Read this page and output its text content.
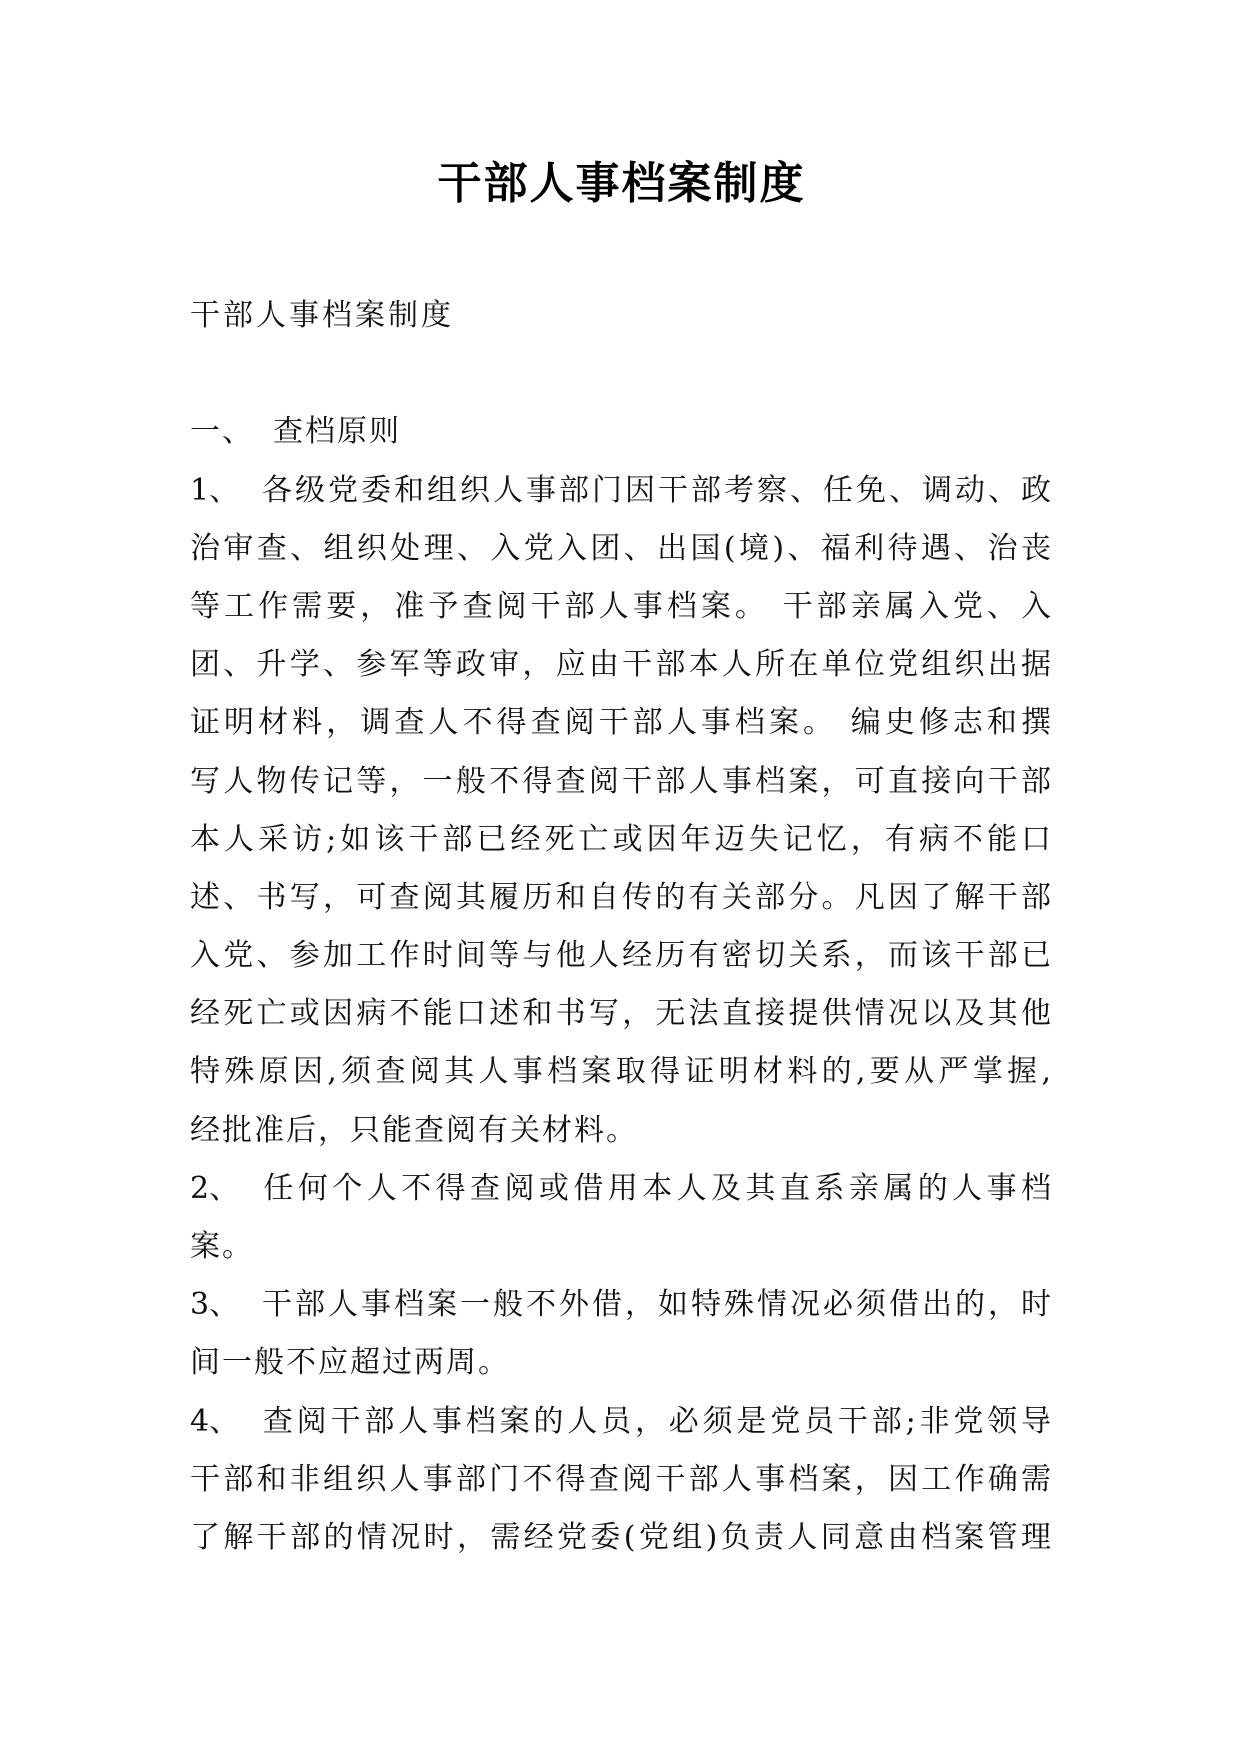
干部人事档案制度
干部人事档案制度
一、 查档原则
1、 各级党委和组织人事部门因干部考察、任免、调动、政
治审查、组织处理、入党入团、出国(境)、福利待遇、治丧
等工作需要，准予查阅干部人事档案。 干部亲属入党、入
团、升学、参军等政审，应由干部本人所在单位党组织出据
证明材料，调查人不得查阅干部人事档案。 编史修志和撰
写人物传记等，一般不得查阅干部人事档案，可直接向干部
本人采访;如该干部已经死亡或因年迈失记忆，有病不能口
述、书写，可查阅其履历和自传的有关部分。凡因了解干部
入党、参加工作时间等与他人经历有密切关系，而该干部已
经死亡或因病不能口述和书写，无法直接提供情况以及其他
特殊原因,须查阅其人事档案取得证明材料的,要从严掌握,
经批准后，只能查阅有关材料。
2、 任何个人不得查阅或借用本人及其直系亲属的人事档
案。
3、 干部人事档案一般不外借，如特殊情况必须借出的，时
间一般不应超过两周。
4、 查阅干部人事档案的人员，必须是党员干部;非党领导
干部和非组织人事部门不得查阅干部人事档案，因工作确需
了解干部的情况时，需经党委(党组)负责人同意由档案管理
